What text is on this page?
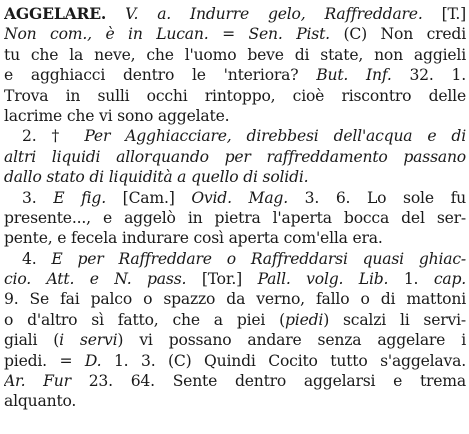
AGGELARE. V. a. Indurre gelo, Raffreddare. [T.]
Non com., è in Lucan. = Sen. Pist. (C) Non credi
tu che la neve, che l'uomo beve di state, non aggieli
e agghiacci dentro le 'nteriora? But. Inf. 32. 1.
Trova in sulli occhi rintoppo, cioè riscontro delle
lacrime che vi sono aggelate.
2. † Per Agghiacciare, direbbesi dell'acqua e di
altri liquidi allorquando per raffreddamento passano
dallo stato di liquidità a quello di solidi.
3. E fig. [Cam.] Ovid. Mag. 3. 6. Lo sole fu
presente..., e aggelò in pietra l'aperta bocca del ser-
pente, e fecela indurare così aperta com'ella era.
4. E per Raffreddare o Raffreddarsi quasi ghiac-
cio. Att. e N. pass. [Tor.] Pall. volg. Lib. 1. cap.
9. Se fai palco o spazzo da verno, fallo o di mattoni
o d'altro sì fatto, che a piei (piedi) scalzi li servi-
giali (i servi) vi possano andare senza aggelare i
piedi. = D. 1. 3. (C) Quindi Cocito tutto s'aggelava.
Ar. Fur 23. 64. Sente dentro aggelarsi e trema
alquanto.
